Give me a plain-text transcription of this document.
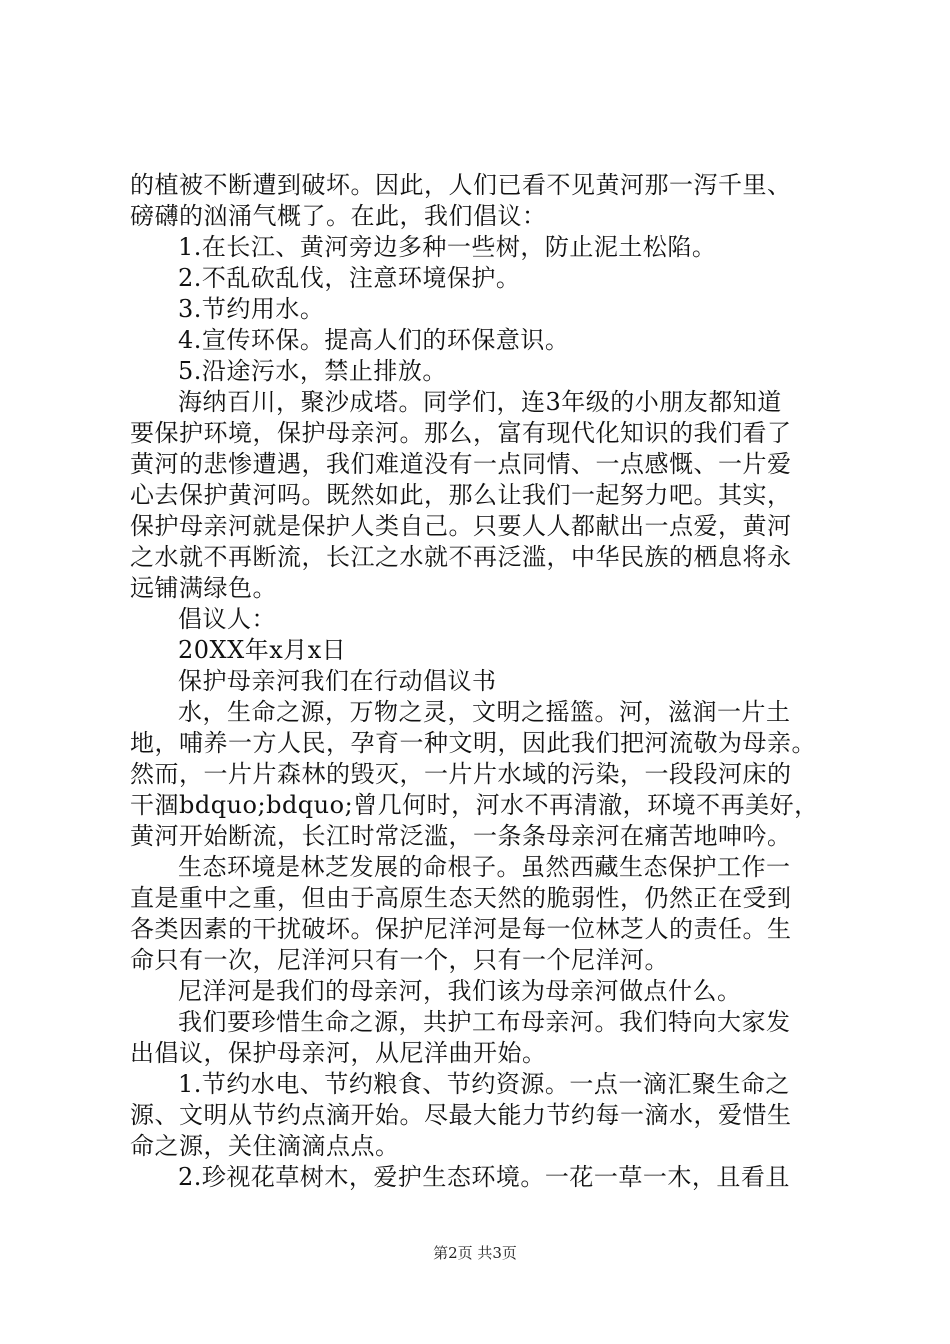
的植被不断遭到破坏。因此，人们已看不见黄河那一泻千里、
磅礴的汹涌气概了。在此，我们倡议：
1.在长江、黄河旁边多种一些树，防止泥土松陷。
2.不乱砍乱伐，注意环境保护。
3.节约用水。
4.宣传环保。提高人们的环保意识。
5.沿途污水，禁止排放。
海纳百川，聚沙成塔。同学们，连3年级的小朋友都知道
要保护环境，保护母亲河。那么，富有现代化知识的我们看了
黄河的悲惨遭遇，我们难道没有一点同情、一点感慨、一片爱
心去保护黄河吗。既然如此，那么让我们一起努力吧。其实，
保护母亲河就是保护人类自己。只要人人都献出一点爱，黄河
之水就不再断流，长江之水就不再泛滥，中华民族的栖息将永
远铺满绿色。
倡议人：
20XX年x月x日
保护母亲河我们在行动倡议书
水，生命之源，万物之灵，文明之摇篮。河，滋润一片土
地，哺养一方人民，孕育一种文明，因此我们把河流敬为母亲。
然而，一片片森林的毁灭，一片片水域的污染，一段段河床的
干涸bdquo;bdquo;曾几何时，河水不再清澈，环境不再美好，
黄河开始断流，长江时常泛滥，一条条母亲河在痛苦地呻吟。
生态环境是林芝发展的命根子。虽然西藏生态保护工作一
直是重中之重，但由于高原生态天然的脆弱性，仍然正在受到
各类因素的干扰破坏。保护尼洋河是每一位林芝人的责任。生
命只有一次，尼洋河只有一个，只有一个尼洋河。
尼洋河是我们的母亲河，我们该为母亲河做点什么。
我们要珍惜生命之源，共护工布母亲河。我们特向大家发
出倡议，保护母亲河，从尼洋曲开始。
1.节约水电、节约粮食、节约资源。一点一滴汇聚生命之
源、文明从节约点滴开始。尽最大能力节约每一滴水，爱惜生
命之源，关住滴滴点点。
2.珍视花草树木，爱护生态环境。一花一草一木，且看且
第2页 共3页
